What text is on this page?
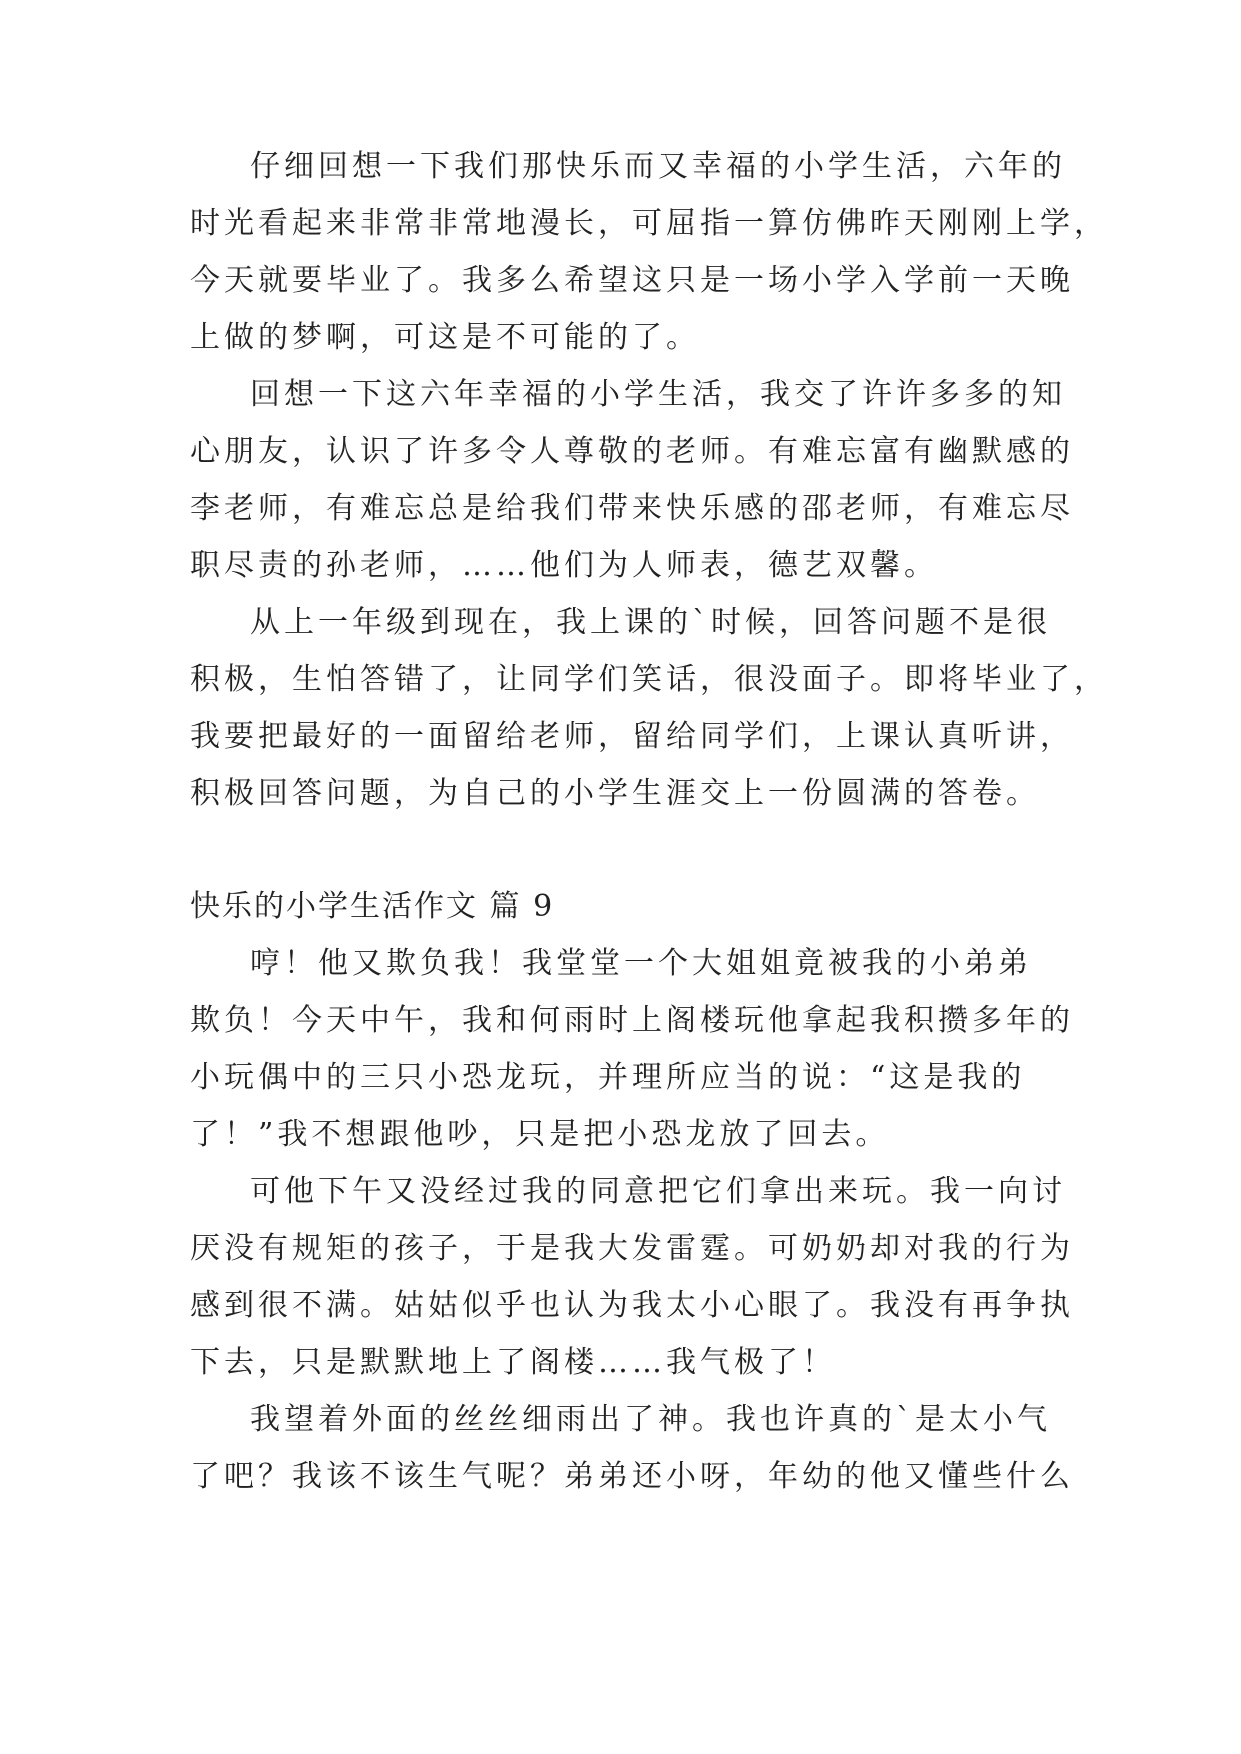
仔细回想一下我们那快乐而又幸福的小学生活，六年的
时光看起来非常非常地漫长，可屈指一算仿佛昨天刚刚上学，
今天就要毕业了。我多么希望这只是一场小学入学前一天晚
上做的梦啊，可这是不可能的了。
回想一下这六年幸福的小学生活，我交了许许多多的知
心朋友，认识了许多令人尊敬的老师。有难忘富有幽默感的
李老师，有难忘总是给我们带来快乐感的邵老师，有难忘尽
职尽责的孙老师，……他们为人师表，德艺双馨。
从上一年级到现在，我上课的`时候，回答问题不是很
积极，生怕答错了，让同学们笑话，很没面子。即将毕业了，
我要把最好的一面留给老师，留给同学们，上课认真听讲，
积极回答问题，为自己的小学生涯交上一份圆满的答卷。
快乐的小学生活作文 篇 9
哼！他又欺负我！我堂堂一个大姐姐竟被我的小弟弟
欺负！今天中午，我和何雨时上阁楼玩他拿起我积攒多年的
小玩偶中的三只小恐龙玩，并理所应当的说：“这是我的
了！”我不想跟他吵，只是把小恐龙放了回去。
可他下午又没经过我的同意把它们拿出来玩。我一向讨
厌没有规矩的孩子，于是我大发雷霆。可奶奶却对我的行为
感到很不满。姑姑似乎也认为我太小心眼了。我没有再争执
下去，只是默默地上了阁楼……我气极了！
我望着外面的丝丝细雨出了神。我也许真的`是太小气
了吧？我该不该生气呢？弟弟还小呀，年幼的他又懂些什么
